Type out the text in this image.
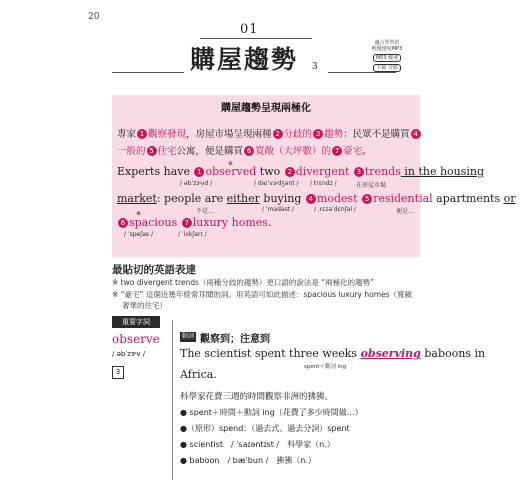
20
01
購屋趨勢 3
適合學習的
輕慢速度MP3
MP3 慢速下載 音檔
購屋趨勢呈現兩極化
專家 1 觀察發現，房屋市場呈現兩種 2 分歧的 3 趨勢：民眾不是購買 4
一般的 5 住宅公寓，便是購買 6 寬敞（大坪數）的 7 豪宅。
※
※
Experts have 1 observed two 2 divergent 3 trends in the housing
/ əbˈzɝvd /	/ daɪˈvɝdʒənt / / trɛndz /	在房屋市場
market: people are either buying 4 modest 5 residential apartments or
不是…	/ ˈmadəst /	/ ˌrɛzəˈdɛnʃəl /	便是…
6 spacious 7 luxury homes.
/ ˈspeʃəs /	/ ˈlʌkʃərɪ /
最貼切的英語表達
※ two divergent trends（兩種分歧的趨勢）更口語的說法是 “兩極化的趨勢”
※ “豪宅” 這個近幾年經常耳聞的詞。用英語可如此描述：spacious luxury homes（寬敞
奢華的住宅）
重要字詞
observe
/ əbˈzɝv /
3
動詞 觀察到；注意到
The scientist spent three weeks observing baboons in
spent＋動詞 ing
Africa.
科學家花費三週的時間觀察非洲的狒狒。
● spent＋時間＋動詞 ing（花費了多少時間做…）
●（原形）spend：（過去式、過去分詞）spent
● scientist　/ ˈsaɪəntɪst /　科學家（n.）
● baboon　/ bæˈbun /　狒狒（n.）
